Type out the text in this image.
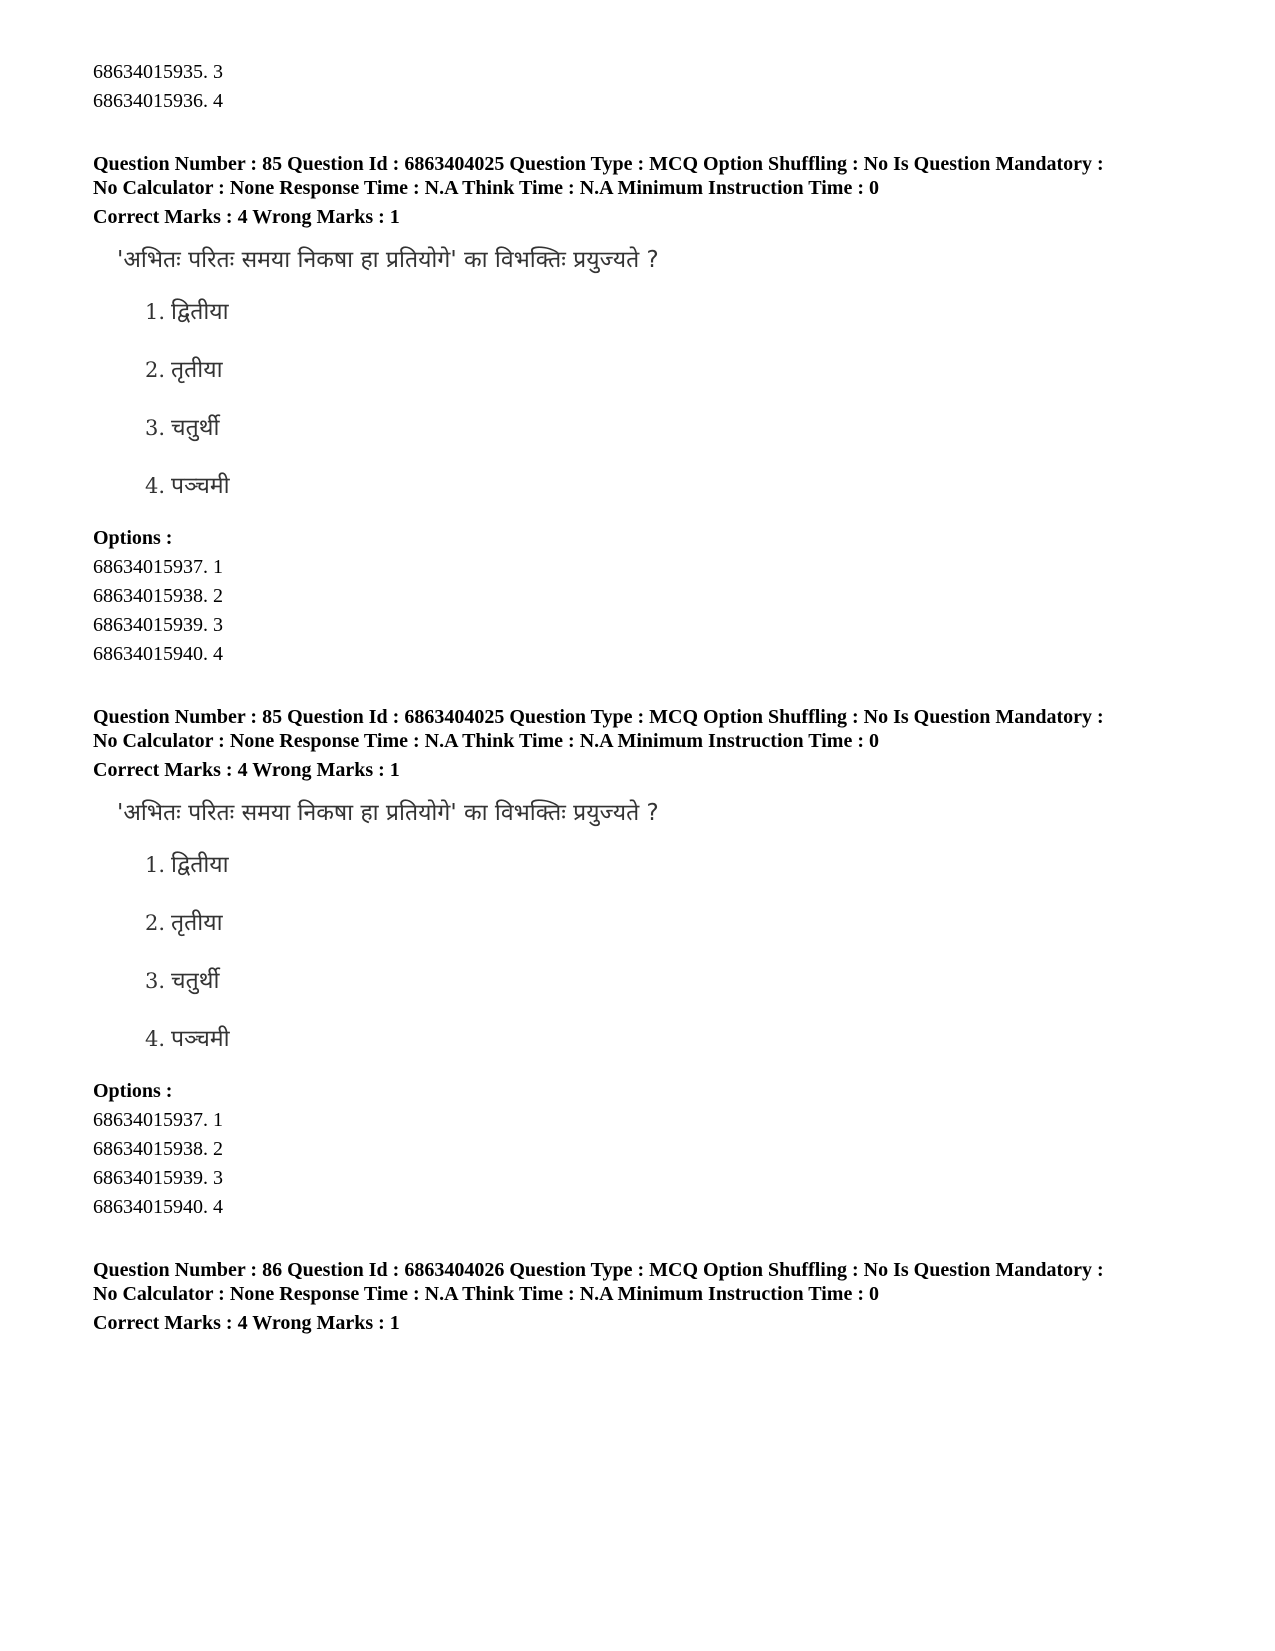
68634015935. 3

68634015936. 4

Question Number : 85 Question Id : 6863404025 Question Type : MCQ Option Shuffling : No Is Question Mandatory :

No Calculator : None Response Time : N.A Think Time : N.A Minimum Instruction Time : 0

Correct Marks : 4 Wrong Marks : 1

'अभितः परितः समया निकषा हा प्रतियोगे' का विभक्तिः प्रयुज्यते ?

1. द्वितीया

2. तृतीया

3. चतुर्थी

4. पञ्चमी

Options :

68634015937. 1

68634015938. 2

68634015939. 3

68634015940. 4

Question Number : 85 Question Id : 6863404025 Question Type : MCQ Option Shuffling : No Is Question Mandatory :

No Calculator : None Response Time : N.A Think Time : N.A Minimum Instruction Time : 0

Correct Marks : 4 Wrong Marks : 1

'अभितः परितः समया निकषा हा प्रतियोगे' का विभक्तिः प्रयुज्यते ?

1. द्वितीया

2. तृतीया

3. चतुर्थी

4. पञ्चमी

Options :

68634015937. 1

68634015938. 2

68634015939. 3

68634015940. 4

Question Number : 86 Question Id : 6863404026 Question Type : MCQ Option Shuffling : No Is Question Mandatory :

No Calculator : None Response Time : N.A Think Time : N.A Minimum Instruction Time : 0

Correct Marks : 4 Wrong Marks : 1
